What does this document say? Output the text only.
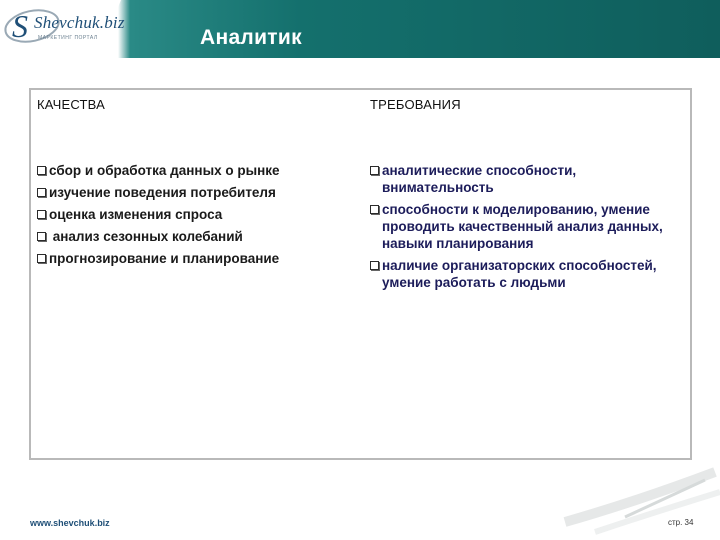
S Shevchuk.biz
МАРКЕТИНГ ПОРТАЛ	Аналитик
КАЧЕСТВА
сбор и обработка данных о рынке
изучение поведения потребителя
оценка изменения спроса
анализ сезонных колебаний
прогнозирование и планирование
ТРЕБОВАНИЯ
аналитические способности, внимательность
способности к моделированию, умение проводить качественный анализ данных, навыки планирования
наличие организаторских способностей, умение работать с людьми
www.shevchuk.biz	стр. 34
